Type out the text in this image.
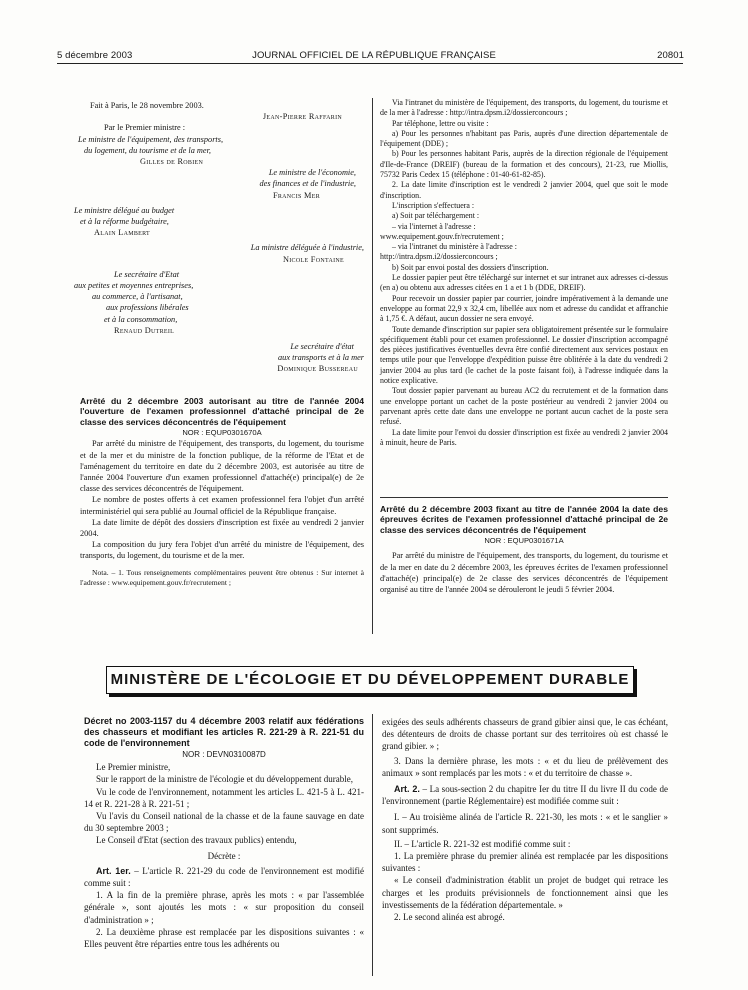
5 décembre 2003	JOURNAL OFFICIEL DE LA RÉPUBLIQUE FRANÇAISE	20801

Fait à Paris, le 28 novembre 2003.

Jean-Pierre Raffarin

Par le Premier ministre :

Le ministre de l'équipement, des transports,

du logement, du tourisme et de la mer,

Gilles de Robien

Le ministre de l'économie,

des finances et de l'industrie,

Francis Mer

Le ministre délégué au budget

et à la réforme budgétaire,

Alain Lambert

La ministre déléguée à l'industrie,

Nicole Fontaine

Le secrétaire d'Etat

aux petites et moyennes entreprises,

au commerce, à l'artisanat,

aux professions libérales

et à la consommation,

Renaud Dutreil

Le secrétaire d'état

aux transports et à la mer

Dominique Bussereau

Arrêté du 2 décembre 2003 autorisant au titre de l'année 2004 l'ouverture de l'examen professionnel d'attaché principal de 2e classe des services déconcentrés de l'équipement

NOR : EQUP0301670A

Par arrêté du ministre de l'équipement, des transports, du logement, du tourisme et de la mer et du ministre de la fonction publique, de la réforme de l'Etat et de l'aménagement du territoire en date du 2 décembre 2003, est autorisée au titre de l'année 2004 l'ouverture d'un examen professionnel d'attaché(e) principal(e) de 2e classe des services déconcentrés de l'équipement.

Le nombre de postes offerts à cet examen professionnel fera l'objet d'un arrêté interministériel qui sera publié au Journal officiel de la République française.

La date limite de dépôt des dossiers d'inscription est fixée au vendredi 2 janvier 2004.

La composition du jury fera l'objet d'un arrêté du ministre de l'équipement, des transports, du logement, du tourisme et de la mer.

Nota. – 1. Tous renseignements complémentaires peuvent être obtenus : Sur internet à l'adresse : www.equipement.gouv.fr/recrutement ;

Via l'intranet du ministère de l'équipement, des transports, du logement, du tourisme et de la mer à l'adresse : http://intra.dpsm.i2/dossierconcours ;

Par téléphone, lettre ou visite :

a) Pour les personnes n'habitant pas Paris, auprès d'une direction départementale de l'équipement (DDE) ;

b) Pour les personnes habitant Paris, auprès de la direction régionale de l'équipement d'Ile-de-France (DREIF) (bureau de la formation et des concours), 21-23, rue Miollis, 75732 Paris Cedex 15 (téléphone : 01-40-61-82-85).

2. La date limite d'inscription est le vendredi 2 janvier 2004, quel que soit le mode d'inscription.

L'inscription s'effectuera :

a) Soit par téléchargement :

– via l'internet à l'adresse :

www.equipement.gouv.fr/recrutement ;

– via l'intranet du ministère à l'adresse :

http://intra.dpsm.i2/dossierconcours ;

b) Soit par envoi postal des dossiers d'inscription.

Le dossier papier peut être téléchargé sur internet et sur intranet aux adresses ci-dessus (en a) ou obtenu aux adresses citées en 1 a et 1 b (DDE, DREIF).

Pour recevoir un dossier papier par courrier, joindre impérativement à la demande une enveloppe au format 22,9 x 32,4 cm, libellée aux nom et adresse du candidat et affranchie à 1,75 €. A défaut, aucun dossier ne sera envoyé.

Toute demande d'inscription sur papier sera obligatoirement présentée sur le formulaire spécifiquement établi pour cet examen professionnel. Le dossier d'inscription accompagné des pièces justificatives éventuelles devra être confié directement aux services postaux en temps utile pour que l'enveloppe d'expédition puisse être oblitérée à la date du vendredi 2 janvier 2004 au plus tard (le cachet de la poste faisant foi), à l'adresse indiquée dans la notice explicative.

Tout dossier papier parvenant au bureau AC2 du recrutement et de la formation dans une enveloppe portant un cachet de la poste postérieur au vendredi 2 janvier 2004 ou parvenant après cette date dans une enveloppe ne portant aucun cachet de la poste sera refusé.

La date limite pour l'envoi du dossier d'inscription est fixée au vendredi 2 janvier 2004 à minuit, heure de Paris.

Arrêté du 2 décembre 2003 fixant au titre de l'année 2004 la date des épreuves écrites de l'examen professionnel d'attaché principal de 2e classe des services déconcentrés de l'équipement

NOR : EQUP0301671A

Par arrêté du ministre de l'équipement, des transports, du logement, du tourisme et de la mer en date du 2 décembre 2003, les épreuves écrites de l'examen professionnel d'attaché(e) principal(e) de 2e classe des services déconcentrés de l'équipement organisé au titre de l'année 2004 se dérouleront le jeudi 5 février 2004.

MINISTÈRE DE L'ÉCOLOGIE ET DU DÉVELOPPEMENT DURABLE

Décret no 2003-1157 du 4 décembre 2003 relatif aux fédérations des chasseurs et modifiant les articles R. 221-29 à R. 221-51 du code de l'environnement

NOR : DEVN0310087D

Le Premier ministre,

Sur le rapport de la ministre de l'écologie et du développement durable,

Vu le code de l'environnement, notamment les articles L. 421-5 à L. 421-14 et R. 221-28 à R. 221-51 ;

Vu l'avis du Conseil national de la chasse et de la faune sauvage en date du 30 septembre 2003 ;

Le Conseil d'Etat (section des travaux publics) entendu,

Décrète :

Art. 1er. – L'article R. 221-29 du code de l'environnement est modifié comme suit :

1. A la fin de la première phrase, après les mots : « par l'assemblée générale », sont ajoutés les mots : « sur proposition du conseil d'administration » ;

2. La deuxième phrase est remplacée par les dispositions suivantes : « Elles peuvent être réparties entre tous les adhérents ou

exigées des seuls adhérents chasseurs de grand gibier ainsi que, le cas échéant, des détenteurs de droits de chasse portant sur des territoires où est chassé le grand gibier. » ;

3. Dans la dernière phrase, les mots : « et du lieu de prélèvement des animaux » sont remplacés par les mots : « et du territoire de chasse ».

Art. 2. – La sous-section 2 du chapitre Ier du titre II du livre II du code de l'environnement (partie Réglementaire) est modifiée comme suit :

I. – Au troisième alinéa de l'article R. 221-30, les mots : « et le sanglier » sont supprimés.

II. – L'article R. 221-32 est modifié comme suit :

1. La première phrase du premier alinéa est remplacée par les dispositions suivantes :

« Le conseil d'administration établit un projet de budget qui retrace les charges et les produits prévisionnels de fonctionnement ainsi que les investissements de la fédération départementale. »

2. Le second alinéa est abrogé.
